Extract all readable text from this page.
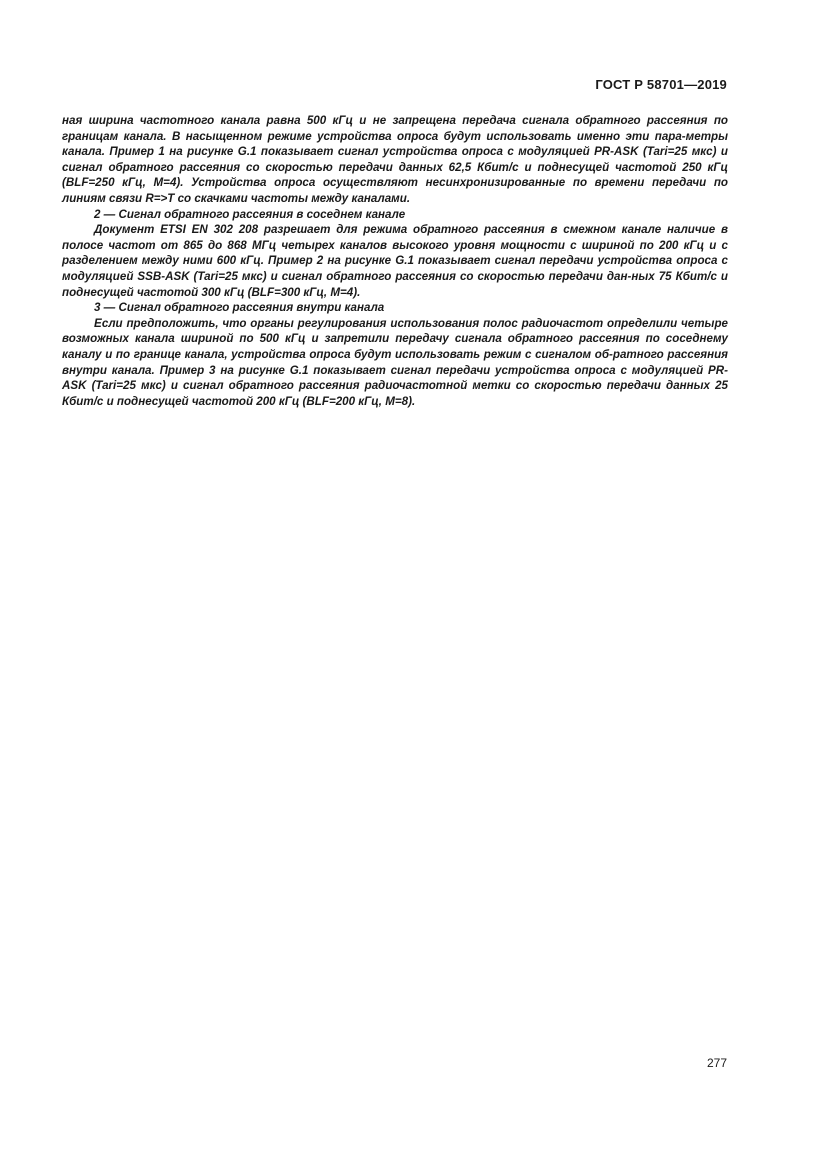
ГОСТ Р 58701—2019

ная ширина частотного канала равна 500 кГц и не запрещена передача сигнала обратного рассеяния по границам канала. В насыщенном режиме устройства опроса будут использовать именно эти пара-метры канала. Пример 1 на рисунке G.1 показывает сигнал устройства опроса с модуляцией PR-ASK (Tari=25 мкс) и сигнал обратного рассеяния со скоростью передачи данных 62,5 Кбит/с и поднесущей частотой 250 кГц (BLF=250 кГц, M=4). Устройства опроса осуществляют несинхронизированные по времени передачи по линиям связи R=>T со скачками частоты между каналами.

2 — Сигнал обратного рассеяния в соседнем канале

Документ ETSI EN 302 208 разрешает для режима обратного рассеяния в смежном канале наличие в полосе частот от 865 до 868 МГц четырех каналов высокого уровня мощности с шириной по 200 кГц и с разделением между ними 600 кГц. Пример 2 на рисунке G.1 показывает сигнал передачи устройства опроса с модуляцией SSB-ASK (Tari=25 мкс) и сигнал обратного рассеяния со скоростью передачи дан-ных 75 Кбит/с и поднесущей частотой 300 кГц (BLF=300 кГц, M=4).

3 — Сигнал обратного рассеяния внутри канала

Если предположить, что органы регулирования использования полос радиочастот определили четыре возможных канала шириной по 500 кГц и запретили передачу сигнала обратного рассеяния по соседнему каналу и по границе канала, устройства опроса будут использовать режим с сигналом об-ратного рассеяния внутри канала. Пример 3 на рисунке G.1 показывает сигнал передачи устройства опроса с модуляцией PR-ASK (Tari=25 мкс) и сигнал обратного рассеяния радиочастотной метки со скоростью передачи данных 25 Кбит/с и поднесущей частотой 200 кГц (BLF=200 кГц, M=8).

277
